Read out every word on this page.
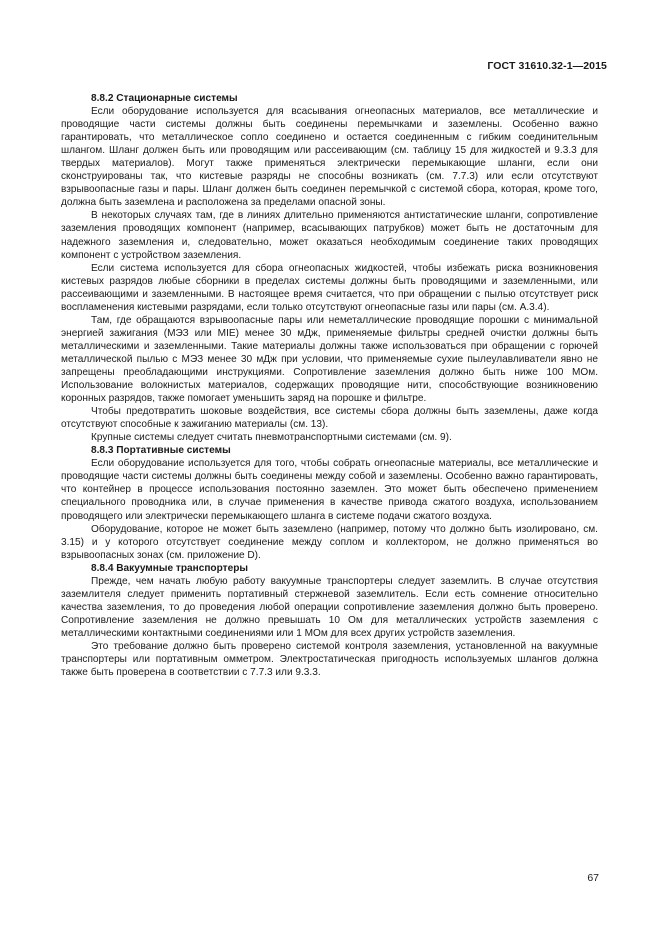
ГОСТ 31610.32-1—2015

8.8.2 Стационарные системы

Если оборудование используется для всасывания огнеопасных материалов, все металлические и проводящие части системы должны быть соединены перемычками и заземлены. Особенно важно гарантировать, что металлическое сопло соединено и остается соединенным с гибким соединительным шлангом. Шланг должен быть или проводящим или рассеивающим (см. таблицу 15 для жидкостей и 9.3.3 для твердых материалов). Могут также применяться электрически перемыкающие шланги, если они сконструированы так, что кистевые разряды не способны возникать (см. 7.7.3) или если отсутствуют взрывоопасные газы и пары. Шланг должен быть соединен перемычкой с системой сбора, которая, кроме того, должна быть заземлена и расположена за пределами опасной зоны.

В некоторых случаях там, где в линиях длительно применяются антистатические шланги, сопротивление заземления проводящих компонент (например, всасывающих патрубков) может быть не достаточным для надежного заземления и, следовательно, может оказаться необходимым соединение таких проводящих компонент с устройством заземления.

Если система используется для сбора огнеопасных жидкостей, чтобы избежать риска возникновения кистевых разрядов любые сборники в пределах системы должны быть проводящими и заземленными, или рассеивающими и заземленными. В настоящее время считается, что при обращении с пылью отсутствует риск воспламенения кистевыми разрядами, если только отсутствуют огнеопасные газы или пары (см. А.3.4).

Там, где обращаются взрывоопасные пары или неметаллические проводящие порошки с минимальной энергией зажигания (МЭЗ или MIE) менее 30 мДж, применяемые фильтры средней очистки должны быть металлическими и заземленными. Такие материалы должны также использоваться при обращении с горючей металлической пылью с МЭЗ менее 30 мДж при условии, что применяемые сухие пылеулавливатели явно не запрещены преобладающими инструкциями. Сопротивление заземления должно быть ниже 100 МОм. Использование волокнистых материалов, содержащих проводящие нити, способствующие возникновению коронных разрядов, также помогает уменьшить заряд на порошке и фильтре.

Чтобы предотвратить шоковые воздействия, все системы сбора должны быть заземлены, даже когда отсутствуют способные к зажиганию материалы (см. 13).

Крупные системы следует считать пневмотранспортными системами (см. 9).

8.8.3 Портативные системы

Если оборудование используется для того, чтобы собрать огнеопасные материалы, все металлические и проводящие части системы должны быть соединены между собой и заземлены. Особенно важно гарантировать, что контейнер в процессе использования постоянно заземлен. Это может быть обеспечено применением специального проводника или, в случае применения в качестве привода сжатого воздуха, использованием проводящего или электрически перемыкающего шланга в системе подачи сжатого воздуха.

Оборудование, которое не может быть заземлено (например, потому что должно быть изолировано, см. 3.15) и у которого отсутствует соединение между соплом и коллектором, не должно применяться во взрывоопасных зонах (см. приложение D).

8.8.4 Вакуумные транспортеры

Прежде, чем начать любую работу вакуумные транспортеры следует заземлить. В случае отсутствия заземлителя следует применить портативный стержневой заземлитель. Если есть сомнение относительно качества заземления, то до проведения любой операции сопротивление заземления должно быть проверено. Сопротивление заземления не должно превышать 10 Ом для металлических устройств заземления с металлическими контактными соединениями или 1 МОм для всех других устройств заземления.

Это требование должно быть проверено системой контроля заземления, установленной на вакуумные транспортеры или портативным омметром. Электростатическая пригодность используемых шлангов должна также быть проверена в соответствии с 7.7.3 или 9.3.3.

67
